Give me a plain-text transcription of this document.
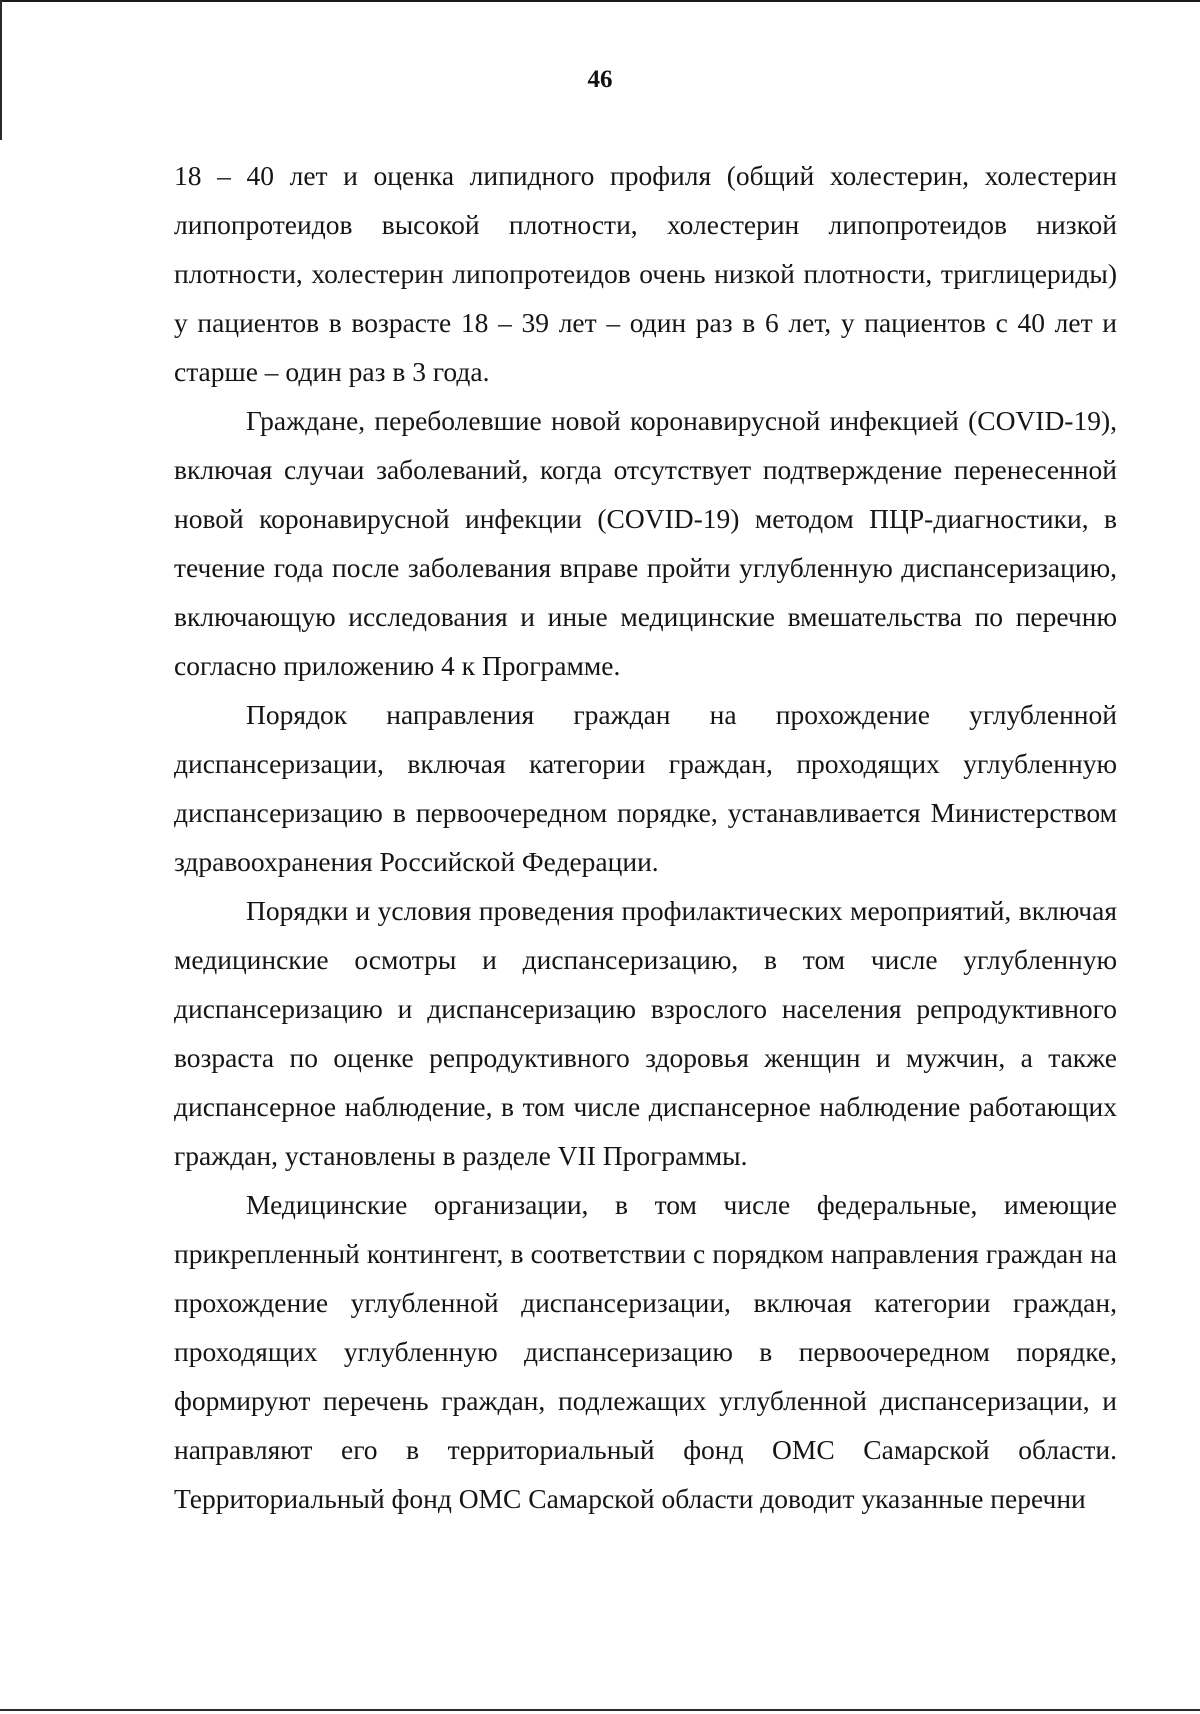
46

18 – 40 лет и оценка липидного профиля (общий холестерин, холестерин липопротеидов высокой плотности, холестерин липопротеидов низкой плотности, холестерин липопротеидов очень низкой плотности, триглицериды) у пациентов в возрасте 18 – 39 лет – один раз в 6 лет, у пациентов с 40 лет и старше – один раз в 3 года.

Граждане, переболевшие новой коронавирусной инфекцией (COVID-19), включая случаи заболеваний, когда отсутствует подтверждение перенесенной новой коронавирусной инфекции (COVID-19) методом ПЦР-диагностики, в течение года после заболевания вправе пройти углубленную диспансеризацию, включающую исследования и иные медицинские вмешательства по перечню согласно приложению 4 к Программе.

Порядок направления граждан на прохождение углубленной диспансеризации, включая категории граждан, проходящих углубленную диспансеризацию в первоочередном порядке, устанавливается Министерством здравоохранения Российской Федерации.

Порядки и условия проведения профилактических мероприятий, включая медицинские осмотры и диспансеризацию, в том числе углубленную диспансеризацию и диспансеризацию взрослого населения репродуктивного возраста по оценке репродуктивного здоровья женщин и мужчин, а также диспансерное наблюдение, в том числе диспансерное наблюдение работающих граждан, установлены в разделе VII Программы.

Медицинские организации, в том числе федеральные, имеющие прикрепленный контингент, в соответствии с порядком направления граждан на прохождение углубленной диспансеризации, включая категории граждан, проходящих углубленную диспансеризацию в первоочередном порядке, формируют перечень граждан, подлежащих углубленной диспансеризации, и направляют его в территориальный фонд ОМС Самарской области. Территориальный фонд ОМС Самарской области доводит указанные перечни
